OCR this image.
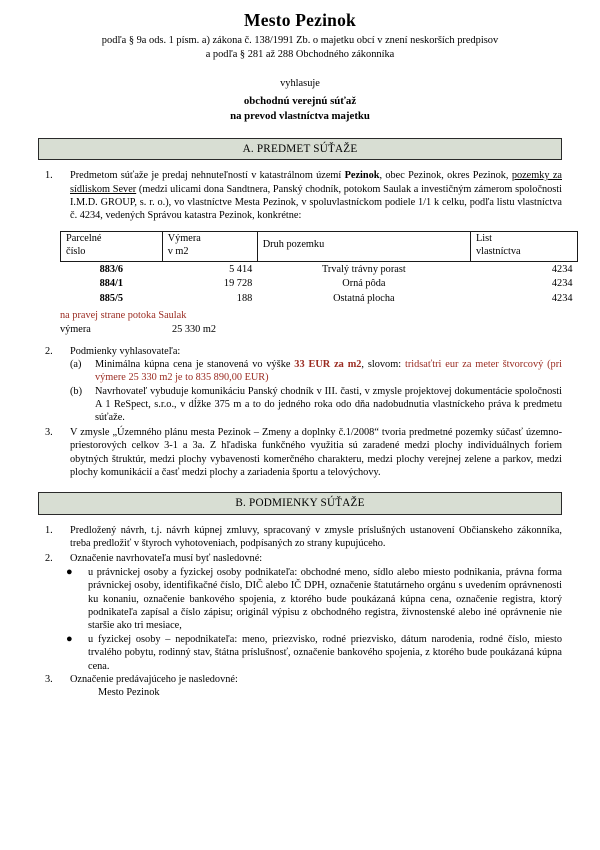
Mesto Pezinok
podľa § 9a ods. 1 písm. a) zákona č. 138/1991 Zb. o majetku obcí v znení neskorších predpisov
a podľa § 281 až 288 Obchodného zákonníka
vyhlasuje
obchodnú verejnú súťaž
na prevod vlastníctva majetku
A. PREDMET SÚŤAŽE
1.	Predmetom súťaže je predaj nehnuteľností v katastrálnom území Pezinok, obec Pezinok, okres Pezinok, pozemky za sídliskom Sever (medzi ulicami dona Sandtnera, Panský chodník, potokom Saulak a investičným zámerom spoločnosti I.M.D. GROUP, s. r. o.), vo vlastníctve Mesta Pezinok, v spoluvlastníckom podiele 1/1 k celku, podľa listu vlastníctva č. 4234, vedených Správou katastra Pezinok, konkrétne:
Parcelné
číslo

Výmera
v m2

Druh pozemku

List
vlastníctva

883/6	5 414	Trvalý trávny porast	4234
884/1	19 728	Orná pôda	4234
885/5	188	Ostatná plocha	4234
na pravej strane potoka Saulak
výmera	25 330 m2
2.	Podmienky vyhlasovateľa:
(a) Minimálna kúpna cena je stanovená vo výške 33 EUR za m2, slovom: tridsaťtri eur za meter štvorcový (pri výmere 25 330 m2 je to 835 890,00 EUR)
(b) Navrhovateľ vybuduje komunikáciu Panský chodník v III. časti, v zmysle projektovej dokumentácie spoločnosti A 1 ReSpect, s.r.o., v dĺžke 375 m a to do jedného roka odo dňa nadobudnutia vlastníckeho práva k predmetu súťaže.
3.	V zmysle „Územného plánu mesta Pezinok – Zmeny a doplnky č.1/2008“ tvoria predmetné pozemky súčasť územno-priestorových celkov 3-1 a 3a. Z hľadiska funkčného využitia sú zaradené medzi plochy individuálnych foriem obytných štruktúr, medzi plochy vybavenosti komerčného charakteru, medzi plochy verejnej zelene a parkov, medzi plochy komunikácií a časť medzi plochy a zariadenia športu a telovýchovy.
B. PODMIENKY SÚŤAŽE
1.	Predložený návrh, t.j. návrh kúpnej zmluvy, spracovaný v zmysle príslušných ustanovení Občianskeho zákonníka, treba predložiť v štyroch vyhotoveniach, podpísaných zo strany kupujúceho.
2.	Označenie navrhovateľa musí byť nasledovné:
● u právnickej osoby a fyzickej osoby podnikateľa: obchodné meno, sídlo alebo miesto podnikania, právna forma právnickej osoby, identifikačné číslo, DIČ alebo IČ DPH, označenie štatutárneho orgánu s uvedením oprávnenosti ku konaniu, označenie bankového spojenia, z ktorého bude poukázaná kúpna cena, označenie registra, ktorý podnikateľa zapísal a číslo zápisu; originál výpisu z obchodného registra, živnostenské alebo iné oprávnenie nie staršie ako tri mesiace,
● u fyzickej osoby – nepodnikateľa: meno, priezvisko, rodné priezvisko, dátum narodenia, rodné číslo, miesto trvalého pobytu, rodinný stav, štátna príslušnosť, označenie bankového spojenia, z ktorého bude poukázaná kúpna cena.
3.	Označenie predávajúceho je nasledovné:
Mesto Pezinok
